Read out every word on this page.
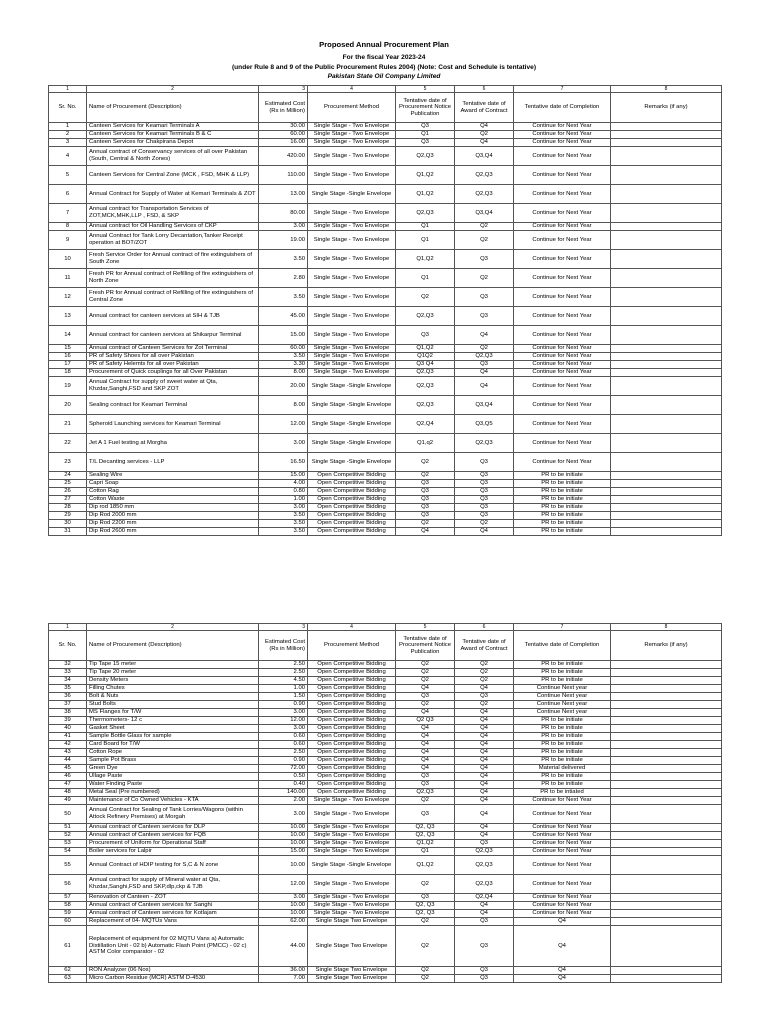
Proposed Annual Procurement Plan
For the fiscal Year 2023-24
(under Rule 8 and 9 of the Public Procurement Rules 2004) (Note: Cost and Schedule is tentative)
Pakistan State Oil Company Limited
1	2	3	4	5	6	7	8
Sr. No.	Name of Procurement (Description)	Estimated Cost (Rs in Million)	Procurement Method	Tentative date of Procurement Notice Publication	Tentative date of Award of Contract	Tentative date of Completion	Remarks (if any)
1	Canteen Services for Keamari Terminals A	30.00	Single Stage - Two Envelope	Q3	Q4	Continue for Next Year	
2	Canteen Services for Keamari Terminals B & C	60.00	Single Stage - Two Envelope	Q1	Q2	Continue for Next Year	
3	Canteen Services for Chakpirana Depot	16.00	Single Stage - Two Envelope	Q3	Q4	Continue for Next Year	
4	Annual contract of Conservancy services of all over Pakistan (South, Central & North Zones)	420.00	Single Stage - Two Envelope	Q2,Q3	Q3,Q4	Continue for Next Year	
5	Canteen Services for Central Zone (MCK , FSD, MHK & LLP)	110.00	Single Stage - Two Envelope	Q1,Q2	Q2,Q3	Continue for Next Year	
6	Annual Contract for Supply of Water at Kemari Terminals & ZOT	13.00	Single Stage -Single Envelope	Q1,Q2	Q2,Q3	Continue for Next Year	
7	Annual contract for Transportation Services of ZOT,MCK,MHK,LLP , FSD, & SKP	80.00	Single Stage - Two Envelope	Q2,Q3	Q3,Q4	Continue for Next Year	
8	Annual contract for Oil Handling Services of CKP	3.00	Single Stage - Two Envelope	Q1	Q2	Continue for Next Year	
9	Annual Contract for Tank Lorry Decantation,Tanker Receipt operation at BOT/ZOT	19.00	Single Stage - Two Envelope	Q1	Q2	Continue for Next Year	
10	Fresh Service Order for Annual contract of fire extinguishers of South Zone	3.50	Single Stage - Two Envelope	Q1,Q2	Q3	Continue for Next Year	
11	Fresh PR for Annual contract of Refilling of fire extinguishers of North Zone	2.80	Single Stage - Two Envelope	Q1	Q2	Continue for Next Year	
12	Fresh PR for Annual contract of Refilling of fire extinguishers of Central Zone	3.50	Single Stage - Two Envelope	Q2	Q3	Continue for Next Year	
13	Annual contract for canteen services at SIH & TJB	45.00	Single Stage - Two Envelope	Q2,Q3	Q3	Continue for Next Year	
14	Annual contract for canteen services at Shikarpur Terminal	15.00	Single Stage - Two Envelope	Q3	Q4	Continue for Next Year	
15	Annual contract of Canteen Services for Zot Terminal	60.00	Single Stage - Two Envelope	Q1,Q2	Q2	Continue for Next Year	
16	PR of Safety Shoes for all over Pakistan	3.50	Single Stage - Two Envelope	Q1Q2	Q2,Q3	Continue for Next Year	
17	PR of Safety Helemts for all over Pakistan	3.30	Single Stage - Two Envelope	Q3 Q4	Q3	Continue for Next Year	
18	Procurement of Quick couplings for all Over Pakistan	8.00	Single Stage - Two Envelope	Q2,Q3	Q4	Continue for Next Year	
19	Annual Contract for supply of sweet water at Qta, Khzdar,Sanghi,FSD and SKP ZOT	20.00	Single Stage -Single Envelope	Q2,Q3	Q4	Continue for Next Year	
20	Sealing contract for Keamari Terminal	8.00	Single Stage -Single Envelope	Q2,Q3	Q3,Q4	Continue for Next Year	
21	Spheroid Launching services for Keamari Terminal	12.00	Single Stage -Single Envelope	Q2,Q4	Q3,Q5	Continue for Next Year	
22	Jet A 1 Fuel testing at Morgha	3.00	Single Stage -Single Envelope	Q1,q2	Q2,Q3	Continue for Next Year	
23	T/L Decanting services - LLP	16.50	Single Stage -Single Envelope	Q2	Q3	Continue for Next Year	
24	Sealing Wire	15.00	Open Competitive Bidding	Q2	Q3	PR to be initiate	
25	Capri Soap	4.00	Open Competitive Bidding	Q3	Q3	PR to be initiate	
26	Cotton Rag	0.80	Open Competitive Bidding	Q3	Q3	PR to be initiate	
27	Cotton Waste	1.00	Open Competitive Bidding	Q3	Q3	PR to be initiate	
28	Dip rod 1850 mm	3.00	Open Competitive Bidding	Q3	Q3	PR to be initiate	
29	Dip Rod 2000 mm	3.50	Open Competitive Bidding	Q3	Q3	PR to be initiate	
30	Dip Rod 2200 mm	3.50	Open Competitive Bidding	Q2	Q2	PR to be initiate	
31	Dip Rod 2600 mm	3.50	Open Competitive Bidding	Q4	Q4	PR to be initiate	
1	2	3	4	5	6	7	8
Sr. No.	Name of Procurement (Description)	Estimated Cost (Rs in Million)	Procurement Method	Tentative date of Procurement Notice Publication	Tentative date of Award of Contract	Tentative date of Completion	Remarks (if any)
32	Tip Tape 15 meter	2.50	Open Competitive Bidding	Q2	Q2	PR to be initiate	
33	Tip Tape 20 meter	2.50	Open Competitive Bidding	Q2	Q2	PR to be initiate	
34	Density Meters	4.50	Open Competitive Bidding	Q2	Q2	PR to be initiate	
35	Filling Chutes	1.00	Open Competitive Bidding	Q4	Q4	Continue Next year	
36	Bolt & Nuts	1.50	Open Competitive Bidding	Q3	Q3	Continue Next year	
37	Stud Bolts	0.90	Open Competitive Bidding	Q2	Q2	Continue Next year	
38	MS Flanges for T/W	3.00	Open Competitive Bidding	Q4	Q4	Continue Next year	
39	Thermometers- 12 c	12.00	Open Competitive Bidding	Q2 Q3	Q4	PR to be initiate	
40	Gasket Sheet	3.00	Open Competitive Bidding	Q4	Q4	PR to be initiate	
41	Sample Bottle Glass for sample	0.60	Open Competitive Bidding	Q4	Q4	PR to be initiate	
42	Card Board for T/W	0.60	Open Competitive Bidding	Q4	Q4	PR to be initiate	
43	Cotton Rope	2.50	Open Competitive Bidding	Q4	Q4	PR to be initiate	
44	Sample Pot Brass	0.90	Open Competitive Bidding	Q4	Q4	PR to be initiate	
45	Green Dye	72.00	Open Competitive Bidding	Q4	Q4	Material delivered	
46	Ullage Paste	0.50	Open Competitive Bidding	Q3	Q4	PR to be initiate	
47	Water Finding Paste	0.40	Open Competitive Bidding	Q3	Q4	PR to be initiate	
48	Metal Seal (Pre numbered)	140.00	Open Competitive Bidding	Q2,Q3	Q4	PR to be intiated	
49	Maintenance of Co Owned Vehicles - KTA	2.00	Single Stage - Two Envelope	Q2	Q4	Continue for Next Year	
50	Annual Contract for Sealing of Tank Lorries/Wagons (within Attock Refinery Premises) at Morgah	3.00	Single Stage - Two Envelope	Q3	Q4	Continue for Next Year	
51	Annual contract of Canteen services for DLP	10.00	Single Stage - Two Envelope	Q2, Q3	Q4	Continue for Next Year	
52	Annual contract of Canteen services for FQB	10.00	Single Stage - Two Envelope	Q2, Q3	Q4	Continue for Next Year	
53	Procurement of Uniform for Operational Staff	10.00	Single Stage - Two Envelope	Q1,Q2	Q3	Continue for Next Year	
54	Boiler services for Lalpir	15.00	Single Stage - Two Envelope	Q1	Q2,Q3	Continue for Next Year	
55	Annual Contract of HDIP testing for S,C & N zone	10.00	Single Stage -Single Envelope	Q1,Q2	Q2,Q3	Continue for Next Year	
56	Annual contract for supply of Mineral water at Qta, Khzdar,Sanghi,FSD and SKP,dlp,ckp & TJB	12.00	Single Stage - Two Envelope	Q2	Q2,Q3	Continue for Next Year	
57	Renovation of Canteen - ZOT	3.00	Single Stage - Two Envelope	Q3	Q2,Q4	Continue for Next Year	
58	Annual contract of Canteen services for Sanghi	10.00	Single Stage - Two Envelope	Q2, Q3	Q4	Continue for Next Year	
59	Annual contract of Canteen services for Kotlajam	10.00	Single Stage - Two Envelope	Q2, Q3	Q4	Continue for Next Year	
60	Replacement of 04- MQTUs Vans	62.00	Single Stage Two Envelope	Q2	Q3	Q4	
61	Replacement of equipment for 02 MQTU Vans a) Automatic Distillation Unit - 02 b) Automatic Flash Point (PMCC) - 02 c) ASTM Color comparator - 02	44.00	Single Stage Two Envelope	Q2	Q3	Q4	
62	RON Analyzer (06 Nos)	36.00	Single Stage Two Envelope	Q2	Q3	Q4	
63	Micro Carbon Residue (MCR) ASTM D-4530	7.00	Single Stage Two Envelope	Q2	Q3	Q4	
